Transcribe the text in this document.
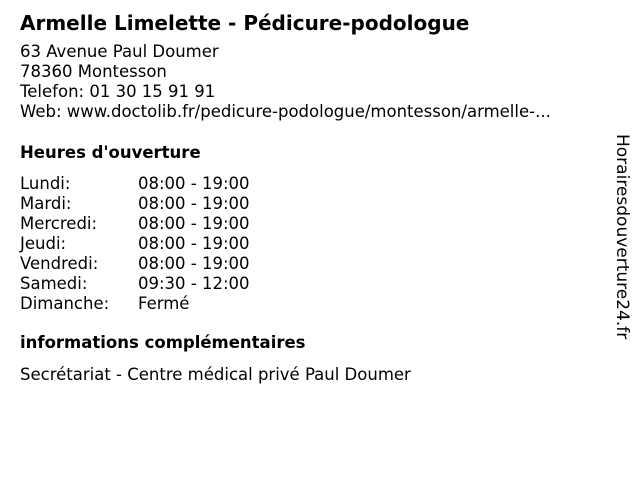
Armelle Limelette - Pédicure-podologue
63 Avenue Paul Doumer
78360 Montesson
Telefon: 01 30 15 91 91
Web: www.doctolib.fr/pedicure-podologue/montesson/armelle-...
Heures d'ouverture
Lundi:	08:00 - 19:00
Mardi:	08:00 - 19:00
Mercredi:	08:00 - 19:00
Jeudi:	08:00 - 19:00
Vendredi:	08:00 - 19:00
Samedi:	09:30 - 12:00
Dimanche:	Fermé
informations complémentaires
Secrétariat - Centre médical privé Paul Doumer
Horairesdouverture24.fr
